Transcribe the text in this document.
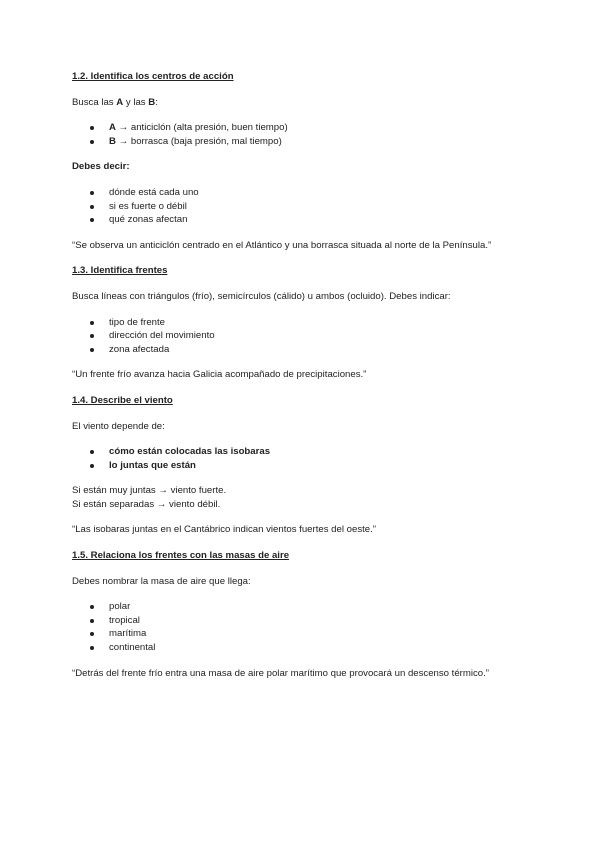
1.2. Identifica los centros de acción

Busca las A y las B:

A → anticiclón (alta presión, buen tiempo)
B → borrasca (baja presión, mal tiempo)

Debes decir:

dónde está cada uno
si es fuerte o débil
qué zonas afectan

“Se observa un anticiclón centrado en el Atlántico y una borrasca situada al norte de la Península.”

1.3. Identifica frentes

Busca líneas con triángulos (frío), semicírculos (cálido) u ambos (ocluido). Debes indicar:

tipo de frente
dirección del movimiento
zona afectada

“Un frente frío avanza hacia Galicia acompañado de precipitaciones.”

1.4. Describe el viento

El viento depende de:

cómo están colocadas las isobaras
lo juntas que están

Si están muy juntas → viento fuerte.

Si están separadas → viento débil.

“Las isobaras juntas en el Cantábrico indican vientos fuertes del oeste.”

1.5. Relaciona los frentes con las masas de aire

Debes nombrar la masa de aire que llega:

polar
tropical
marítima
continental

“Detrás del frente frío entra una masa de aire polar marítimo que provocará un descenso térmico.”
